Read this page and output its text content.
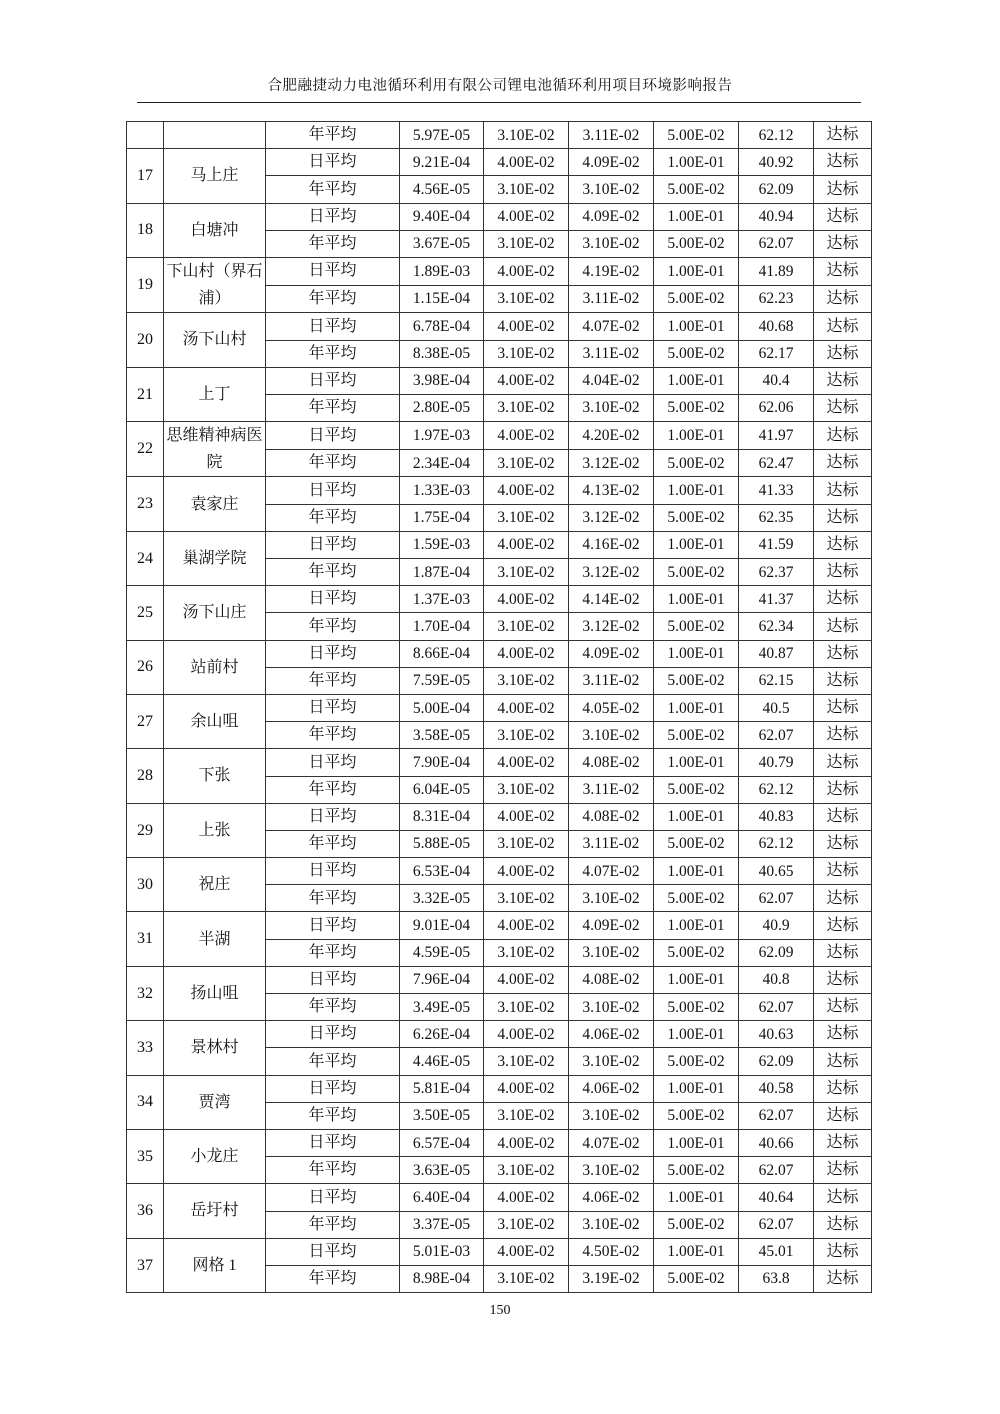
合肥融捷动力电池循环利用有限公司锂电池循环利用项目环境影响报告
		年平均	5.97E-05	3.10E-02	3.11E-02	5.00E-02	62.12	达标
17	马上庄	日平均	9.21E-04	4.00E-02	4.09E-02	1.00E-01	40.92	达标
		年平均	4.56E-05	3.10E-02	3.10E-02	5.00E-02	62.09	达标
18	白塘冲	日平均	9.40E-04	4.00E-02	4.09E-02	1.00E-01	40.94	达标
		年平均	3.67E-05	3.10E-02	3.10E-02	5.00E-02	62.07	达标
19	下山村（界石浦）	日平均	1.89E-03	4.00E-02	4.19E-02	1.00E-01	41.89	达标
		年平均	1.15E-04	3.10E-02	3.11E-02	5.00E-02	62.23	达标
20	汤下山村	日平均	6.78E-04	4.00E-02	4.07E-02	1.00E-01	40.68	达标
		年平均	8.38E-05	3.10E-02	3.11E-02	5.00E-02	62.17	达标
21	上丁	日平均	3.98E-04	4.00E-02	4.04E-02	1.00E-01	40.4	达标
		年平均	2.80E-05	3.10E-02	3.10E-02	5.00E-02	62.06	达标
22	思维精神病医院	日平均	1.97E-03	4.00E-02	4.20E-02	1.00E-01	41.97	达标
		年平均	2.34E-04	3.10E-02	3.12E-02	5.00E-02	62.47	达标
23	袁家庄	日平均	1.33E-03	4.00E-02	4.13E-02	1.00E-01	41.33	达标
		年平均	1.75E-04	3.10E-02	3.12E-02	5.00E-02	62.35	达标
24	巢湖学院	日平均	1.59E-03	4.00E-02	4.16E-02	1.00E-01	41.59	达标
		年平均	1.87E-04	3.10E-02	3.12E-02	5.00E-02	62.37	达标
25	汤下山庄	日平均	1.37E-03	4.00E-02	4.14E-02	1.00E-01	41.37	达标
		年平均	1.70E-04	3.10E-02	3.12E-02	5.00E-02	62.34	达标
26	站前村	日平均	8.66E-04	4.00E-02	4.09E-02	1.00E-01	40.87	达标
		年平均	7.59E-05	3.10E-02	3.11E-02	5.00E-02	62.15	达标
27	余山咀	日平均	5.00E-04	4.00E-02	4.05E-02	1.00E-01	40.5	达标
		年平均	3.58E-05	3.10E-02	3.10E-02	5.00E-02	62.07	达标
28	下张	日平均	7.90E-04	4.00E-02	4.08E-02	1.00E-01	40.79	达标
		年平均	6.04E-05	3.10E-02	3.11E-02	5.00E-02	62.12	达标
29	上张	日平均	8.31E-04	4.00E-02	4.08E-02	1.00E-01	40.83	达标
		年平均	5.88E-05	3.10E-02	3.11E-02	5.00E-02	62.12	达标
30	祝庄	日平均	6.53E-04	4.00E-02	4.07E-02	1.00E-01	40.65	达标
		年平均	3.32E-05	3.10E-02	3.10E-02	5.00E-02	62.07	达标
31	半湖	日平均	9.01E-04	4.00E-02	4.09E-02	1.00E-01	40.9	达标
		年平均	4.59E-05	3.10E-02	3.10E-02	5.00E-02	62.09	达标
32	扬山咀	日平均	7.96E-04	4.00E-02	4.08E-02	1.00E-01	40.8	达标
		年平均	3.49E-05	3.10E-02	3.10E-02	5.00E-02	62.07	达标
33	景林村	日平均	6.26E-04	4.00E-02	4.06E-02	1.00E-01	40.63	达标
		年平均	4.46E-05	3.10E-02	3.10E-02	5.00E-02	62.09	达标
34	贾湾	日平均	5.81E-04	4.00E-02	4.06E-02	1.00E-01	40.58	达标
		年平均	3.50E-05	3.10E-02	3.10E-02	5.00E-02	62.07	达标
35	小龙庄	日平均	6.57E-04	4.00E-02	4.07E-02	1.00E-01	40.66	达标
		年平均	3.63E-05	3.10E-02	3.10E-02	5.00E-02	62.07	达标
36	岳圩村	日平均	6.40E-04	4.00E-02	4.06E-02	1.00E-01	40.64	达标
		年平均	3.37E-05	3.10E-02	3.10E-02	5.00E-02	62.07	达标
37	网格 1	日平均	5.01E-03	4.00E-02	4.50E-02	1.00E-01	45.01	达标
		年平均	8.98E-04	3.10E-02	3.19E-02	5.00E-02	63.8	达标
150
